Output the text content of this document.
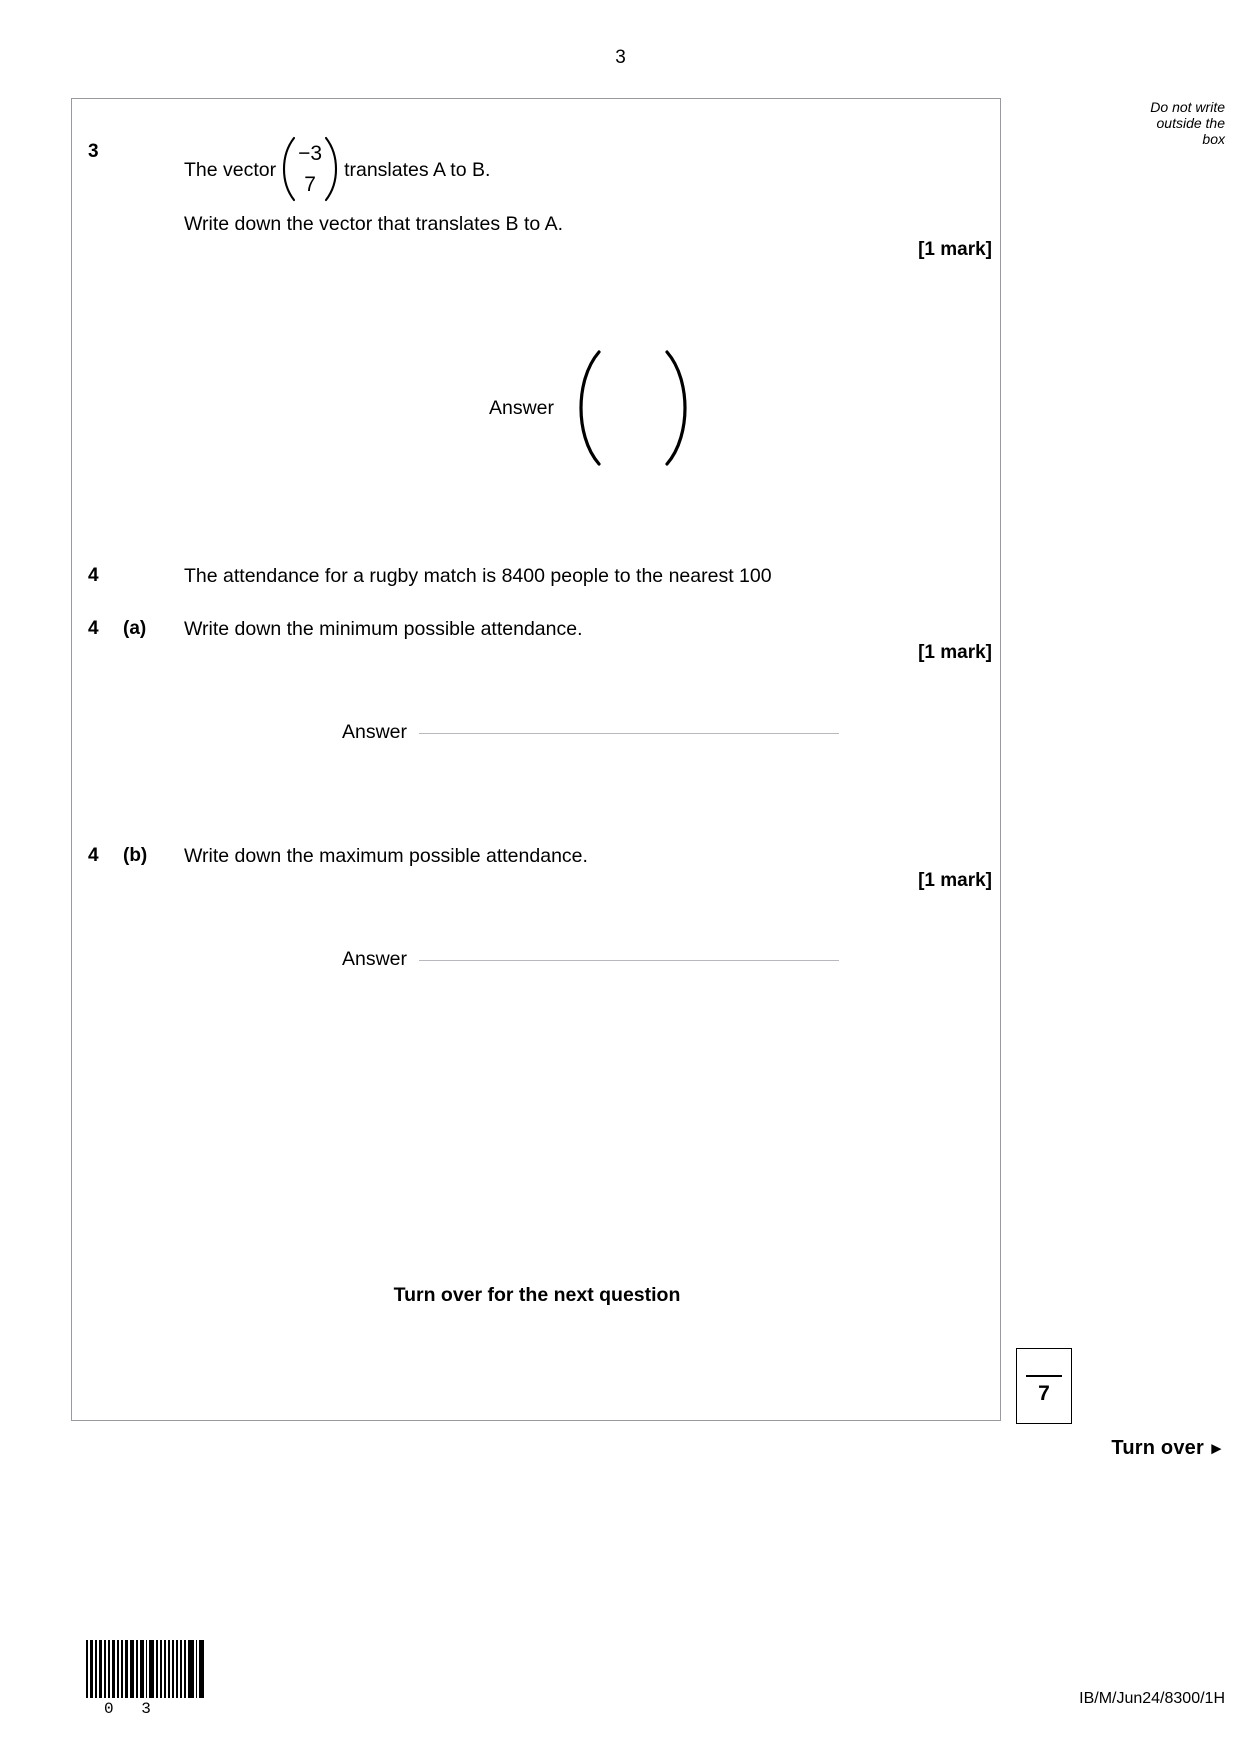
3
Do not write
outside the
box
3
The vector
−3
7
translates A to B.
Write down the vector that translates B to A.
[1 mark]
Answer
4	The attendance for a rugby match is 8400 people to the nearest 100
4 (a) Write down the minimum possible attendance.
[1 mark]
Answer
4 (b) Write down the maximum possible attendance.
[1 mark]
Answer
Turn over for the next question
7
Turn over ►
0 3
IB/M/Jun24/8300/1H
